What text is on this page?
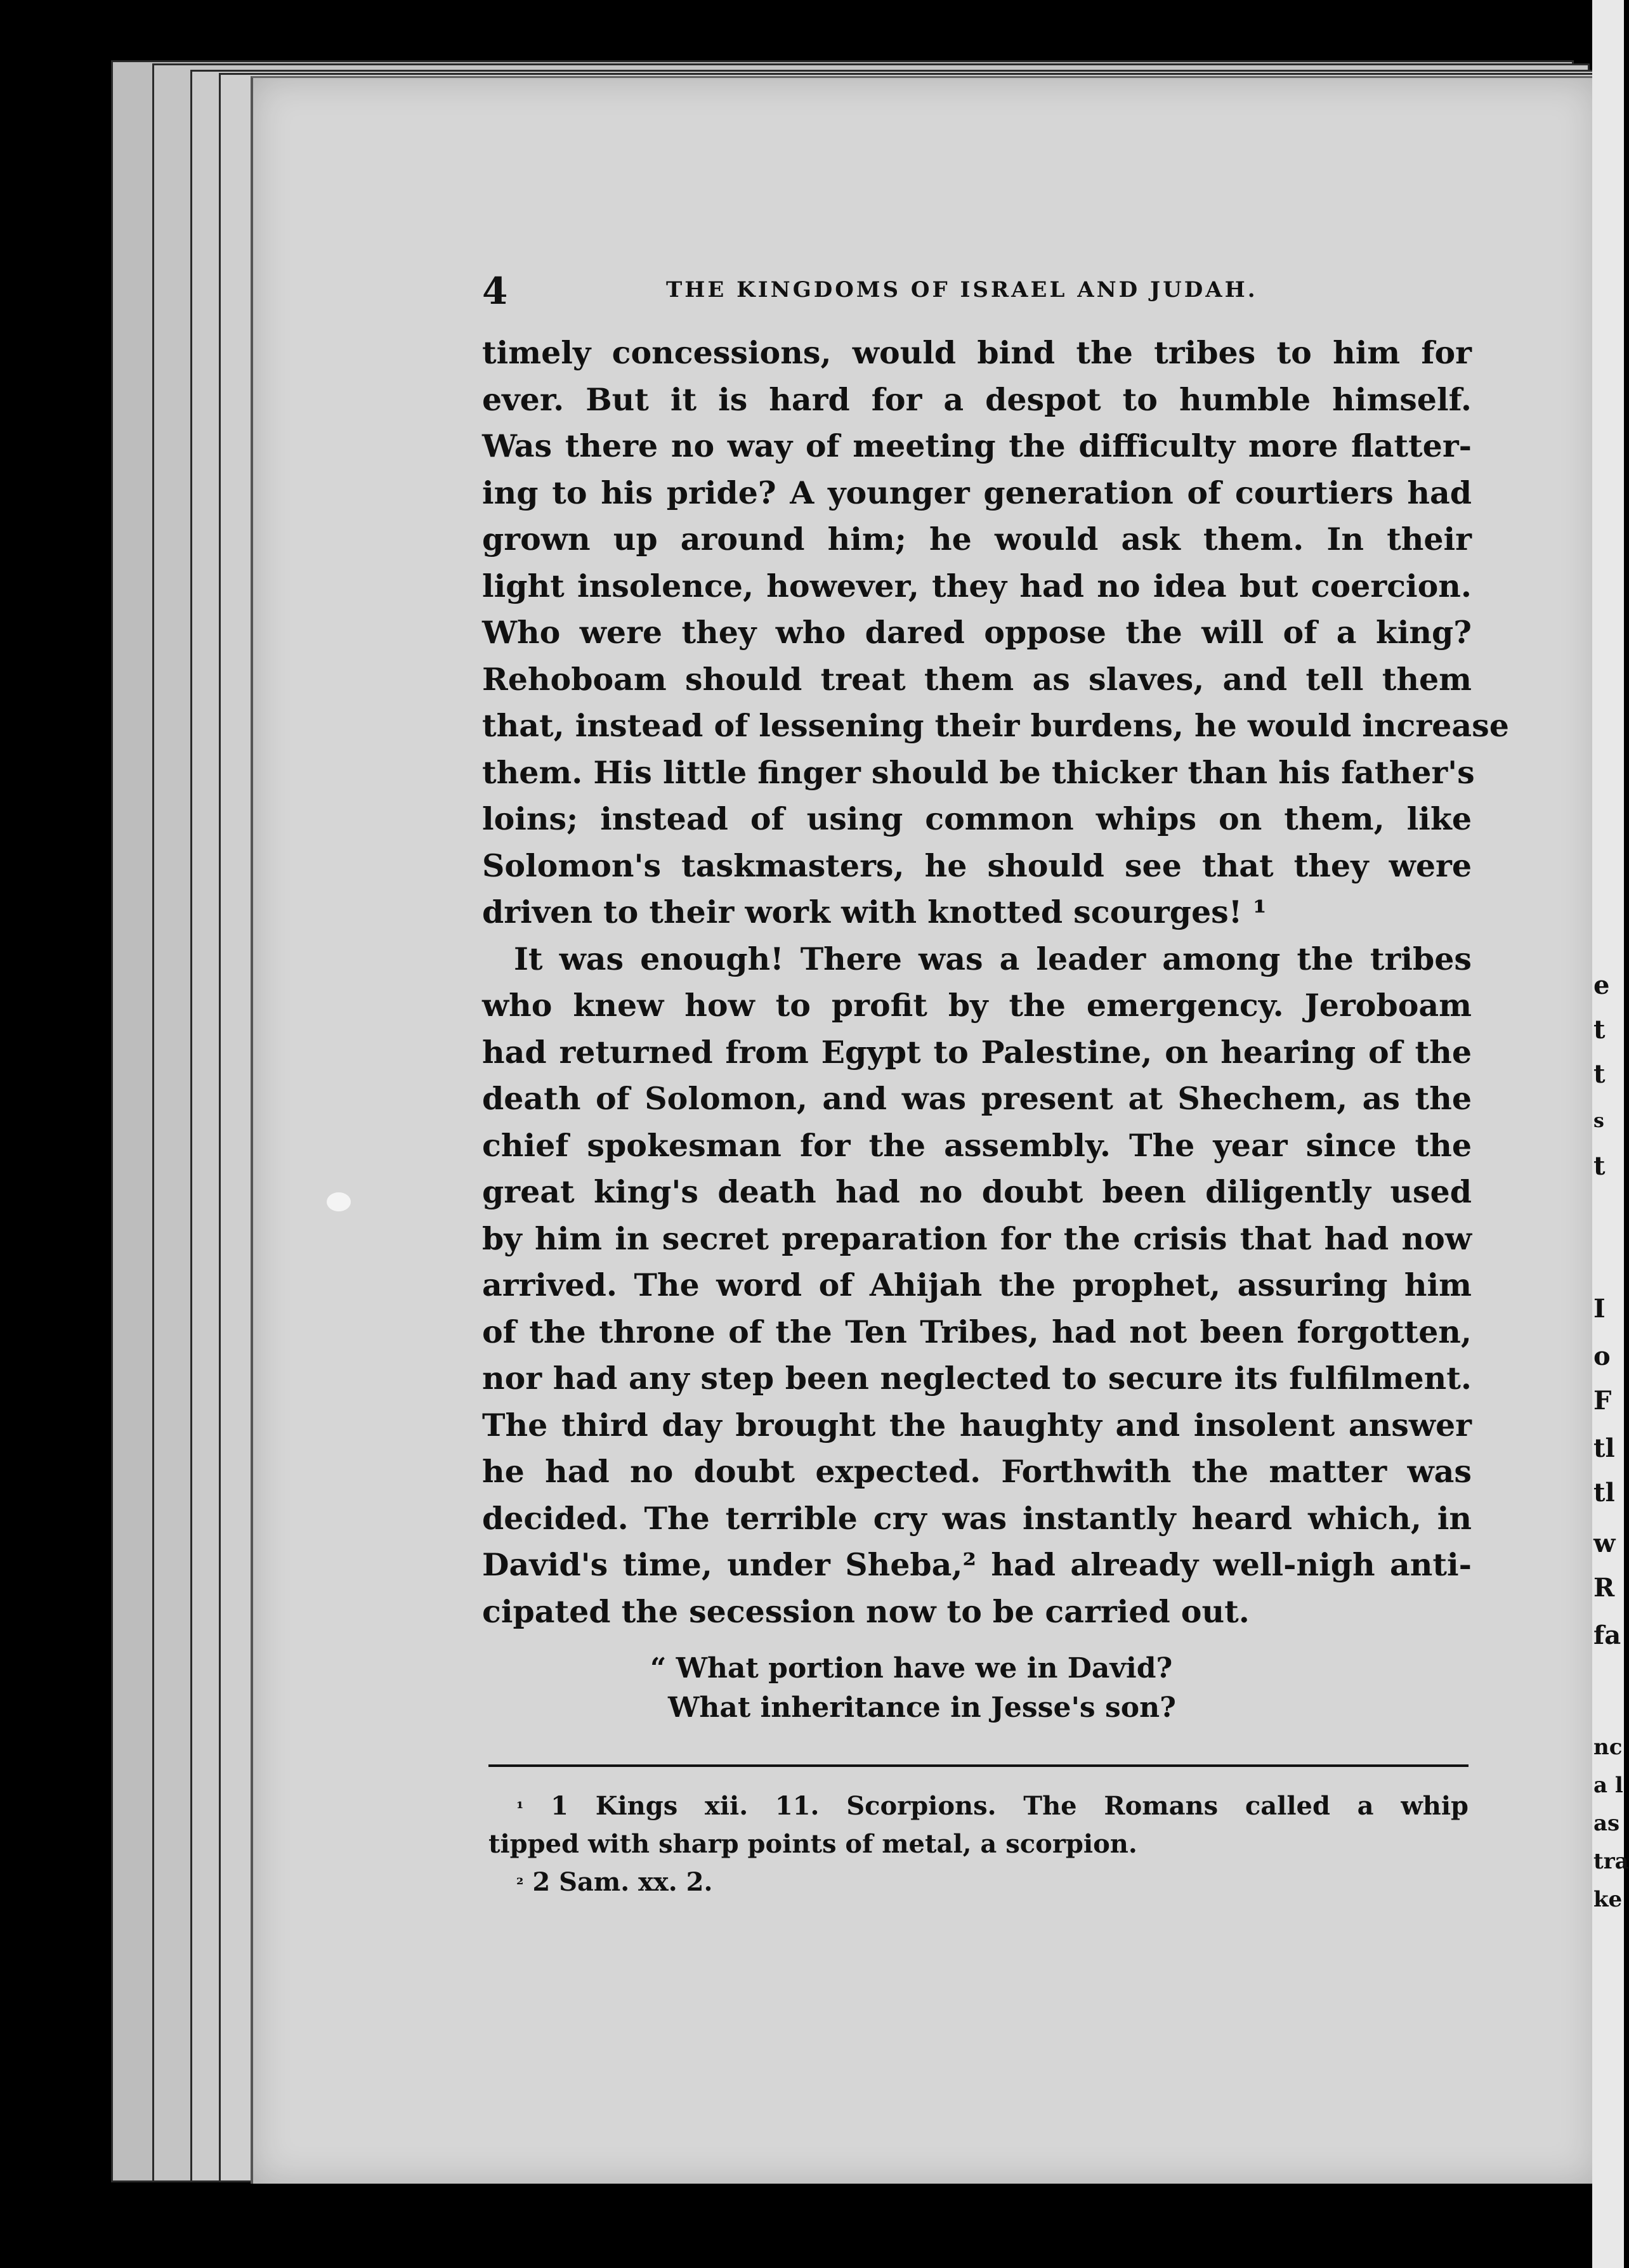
e
t
t
s
t
I
o
F
tl
tl
w
R
fa
nc
a l
as
tra
ke
4	THE KINGDOMS OF ISRAEL AND JUDAH.
timely concessions, would bind the tribes to him for
ever. But it is hard for a despot to humble himself.
Was there no way of meeting the difficulty more flatter-
ing to his pride? A younger generation of courtiers had
grown up around him; he would ask them. In their
light insolence, however, they had no idea but coercion.
Who were they who dared oppose the will of a king?
Rehoboam should treat them as slaves, and tell them
that, instead of lessening their burdens, he would increase
them. His little finger should be thicker than his father's
loins; instead of using common whips on them, like
Solomon's taskmasters, he should see that they were
driven to their work with knotted scourges! ¹
It was enough! There was a leader among the tribes
who knew how to profit by the emergency. Jeroboam
had returned from Egypt to Palestine, on hearing of the
death of Solomon, and was present at Shechem, as the
chief spokesman for the assembly. The year since the
great king's death had no doubt been diligently used
by him in secret preparation for the crisis that had now
arrived. The word of Ahijah the prophet, assuring him
of the throne of the Ten Tribes, had not been forgotten,
nor had any step been neglected to secure its fulfilment.
The third day brought the haughty and insolent answer
he had no doubt expected. Forthwith the matter was
decided. The terrible cry was instantly heard which, in
David's time, under Sheba,² had already well-nigh anti-
cipated the secession now to be carried out.
“ What portion have we in David?
What inheritance in Jesse's son?
$^{^1}$ 1 Kings xii. 11. Scorpions. The Romans called a whip
tipped with sharp points of metal, a scorpion.
$^{^2}$ 2 Sam. xx. 2.
